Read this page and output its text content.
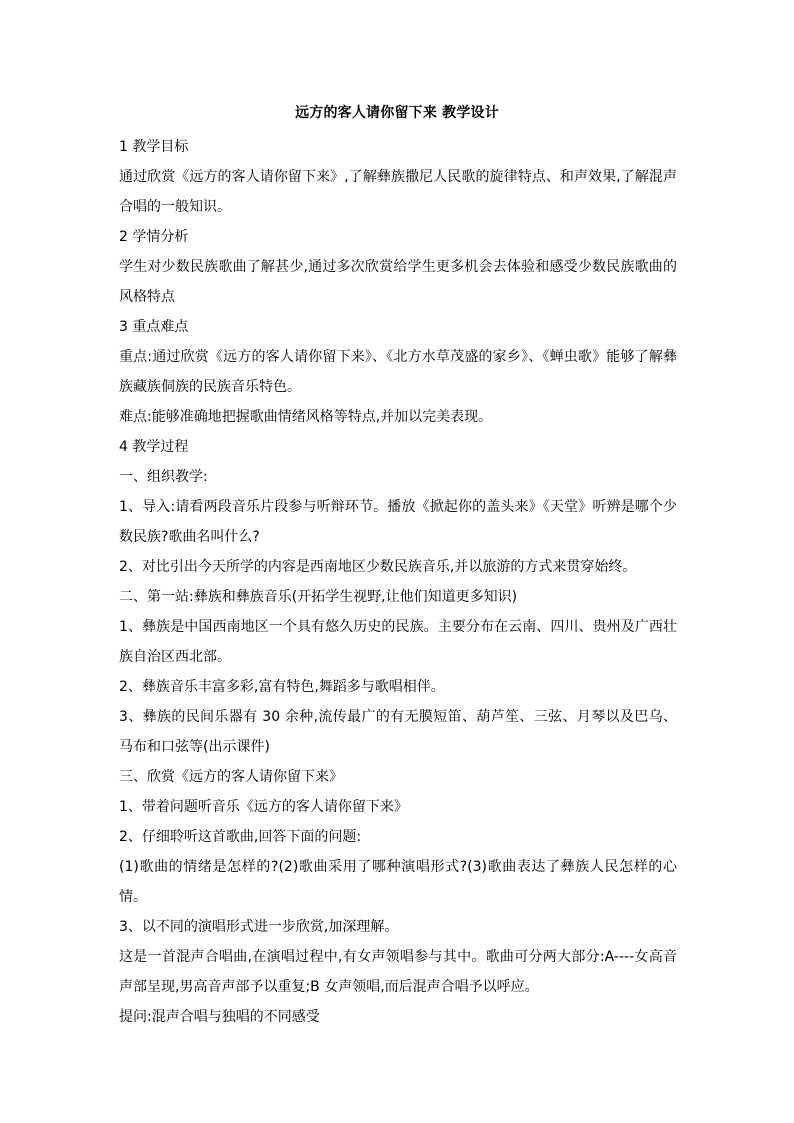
远方的客人请你留下来 教学设计

1 教学目标

通过欣赏《远方的客人请你留下来》,了解彝族撒尼人民歌的旋律特点、和声效果,了解混声合唱的一般知识。

2 学情分析

学生对少数民族歌曲了解甚少,通过多次欣赏给学生更多机会去体验和感受少数民族歌曲的风格特点

3 重点难点

重点:通过欣赏《远方的客人请你留下来》、《北方水草茂盛的家乡》、《蝉虫歌》能够了解彝族藏族侗族的民族音乐特色。

难点:能够准确地把握歌曲情绪风格等特点,并加以完美表现。

4 教学过程

一、组织教学:

1、导入:请看两段音乐片段参与听辩环节。播放《掀起你的盖头来》《天堂》听辨是哪个少数民族?歌曲名叫什么?

2、对比引出今天所学的内容是西南地区少数民族音乐,并以旅游的方式来贯穿始终。

二、第一站:彝族和彝族音乐(开拓学生视野,让他们知道更多知识)

1、彝族是中国西南地区一个具有悠久历史的民族。主要分布在云南、四川、贵州及广西壮族自治区西北部。

2、彝族音乐丰富多彩,富有特色,舞蹈多与歌唱相伴。

3、彝族的民间乐器有 30 余种,流传最广的有无膜短笛、葫芦笙、三弦、月琴以及巴乌、马布和口弦等(出示课件)

三、欣赏《远方的客人请你留下来》

1、带着问题听音乐《远方的客人请你留下来》

2、仔细聆听这首歌曲,回答下面的问题:

(1)歌曲的情绪是怎样的?(2)歌曲采用了哪种演唱形式?(3)歌曲表达了彝族人民怎样的心情。

3、以不同的演唱形式进一步欣赏,加深理解。

这是一首混声合唱曲,在演唱过程中,有女声领唱参与其中。歌曲可分两大部分:A----女高音声部呈现,男高音声部予以重复;B 女声领唱,而后混声合唱予以呼应。

提问:混声合唱与独唱的不同感受
